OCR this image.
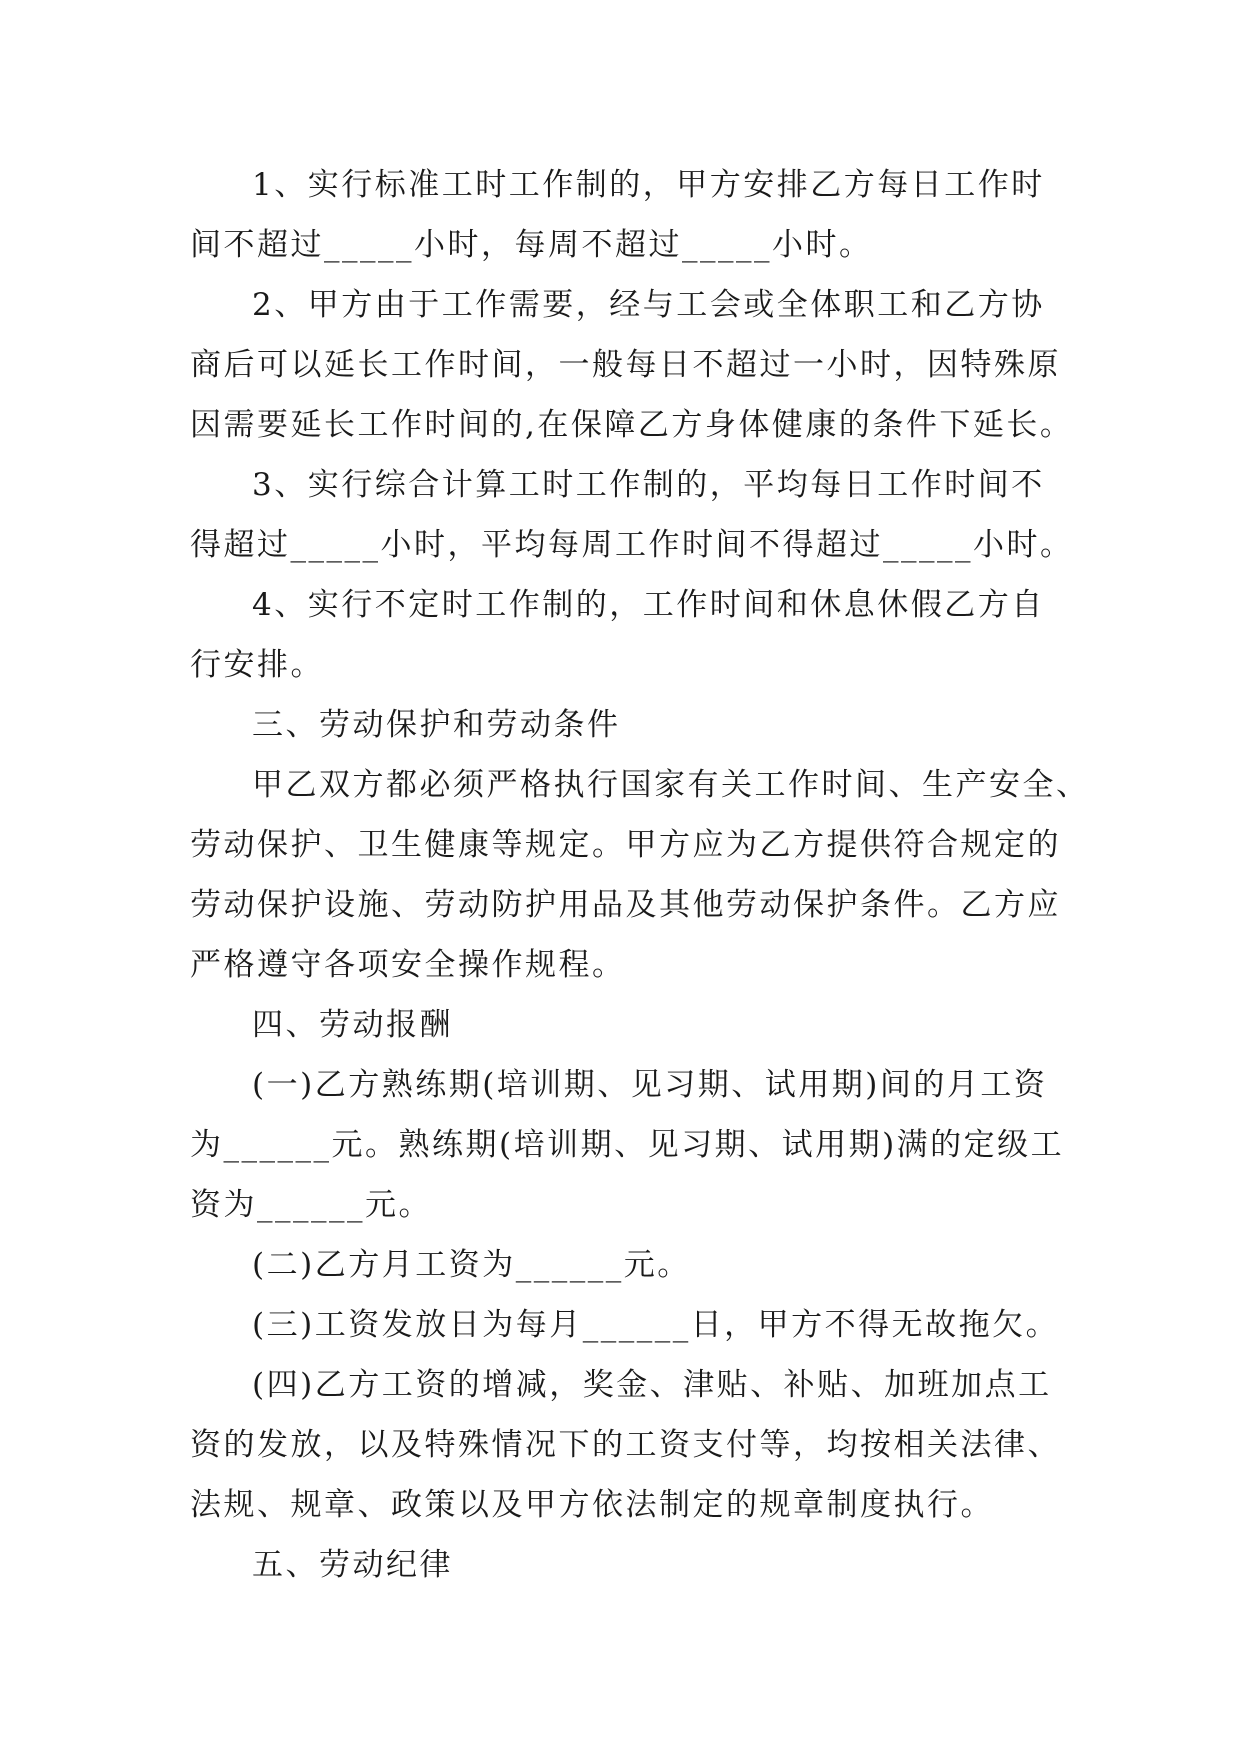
1、实行标准工时工作制的，甲方安排乙方每日工作时
间不超过_____小时，每周不超过_____小时。
2、甲方由于工作需要，经与工会或全体职工和乙方协
商后可以延长工作时间，一般每日不超过一小时，因特殊原
因需要延长工作时间的,在保障乙方身体健康的条件下延长。
3、实行综合计算工时工作制的，平均每日工作时间不
得超过_____小时，平均每周工作时间不得超过_____小时。
4、实行不定时工作制的，工作时间和休息休假乙方自
行安排。
三、劳动保护和劳动条件
甲乙双方都必须严格执行国家有关工作时间、生产安全、
劳动保护、卫生健康等规定。甲方应为乙方提供符合规定的
劳动保护设施、劳动防护用品及其他劳动保护条件。乙方应
严格遵守各项安全操作规程。
四、劳动报酬
(一)乙方熟练期(培训期、见习期、试用期)间的月工资
为______元。熟练期(培训期、见习期、试用期)满的定级工
资为______元。
(二)乙方月工资为______元。
(三)工资发放日为每月______日，甲方不得无故拖欠。
(四)乙方工资的增减，奖金、津贴、补贴、加班加点工
资的发放，以及特殊情况下的工资支付等，均按相关法律、
法规、规章、政策以及甲方依法制定的规章制度执行。
五、劳动纪律
